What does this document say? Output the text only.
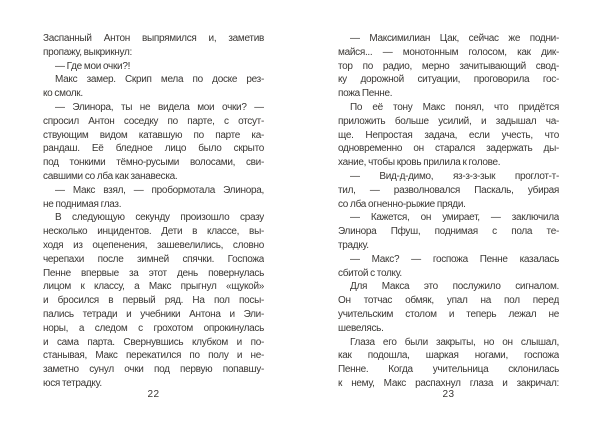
Заспанный Антон выпрямился и, заметив
пропажу, выкрикнул:
— Где мои очки?!
Макс замер. Скрип мела по доске рез-
ко смолк.
— Элинора, ты не видела мои очки? —
спросил Антон соседку по парте, с отсут-
ствующим видом катавшую по парте ка-
рандаш. Её бледное лицо было скрыто
под тонкими тёмно-русыми волосами, сви-
савшими со лба как занавеска.
— Макс взял, — пробормотала Элинора,
не поднимая глаз.
В следующую секунду произошло сразу
несколько инцидентов. Дети в классе, вы-
ходя из оцепенения, зашевелились, словно
черепахи после зимней спячки. Госпожа
Пенне впервые за этот день повернулась
лицом к классу, а Макс прыгнул «щукой»
и бросился в первый ряд. На пол посы-
пались тетради и учебники Антона и Эли-
норы, а следом с грохотом опрокинулась
и сама парта. Свернувшись клубком и по-
станывая, Макс перекатился по полу и не-
заметно сунул очки под первую попавшу-
юся тетрадку.
22
— Максимилиан Цак, сейчас же подни-
майся... — монотонным голосом, как дик-
тор по радио, мерно зачитывающий свод-
ку дорожной ситуации, проговорила гос-
пожа Пенне.
По её тону Макс понял, что придётся
приложить больше усилий, и задышал ча-
ще. Непростая задача, если учесть, что
одновременно он старался задержать ды-
хание, чтобы кровь прилила к голове.
— Вид-д-димо, яз-з-з-зык проглот-т-
тил, — разволновался Паскаль, убирая
со лба огненно-рыжие пряди.
— Кажется, он умирает, — заключила
Элинора Пфуш, поднимая с пола те-
традку.
— Макс? — госпожа Пенне казалась
сбитой с толку.
Для Макса это послужило сигналом.
Он тотчас обмяк, упал на пол перед
учительским столом и теперь лежал не
шевелясь.
Глаза его были закрыты, но он слышал,
как подошла, шаркая ногами, госпожа
Пенне. Когда учительница склонилась
к нему, Макс распахнул глаза и закричал:
23
